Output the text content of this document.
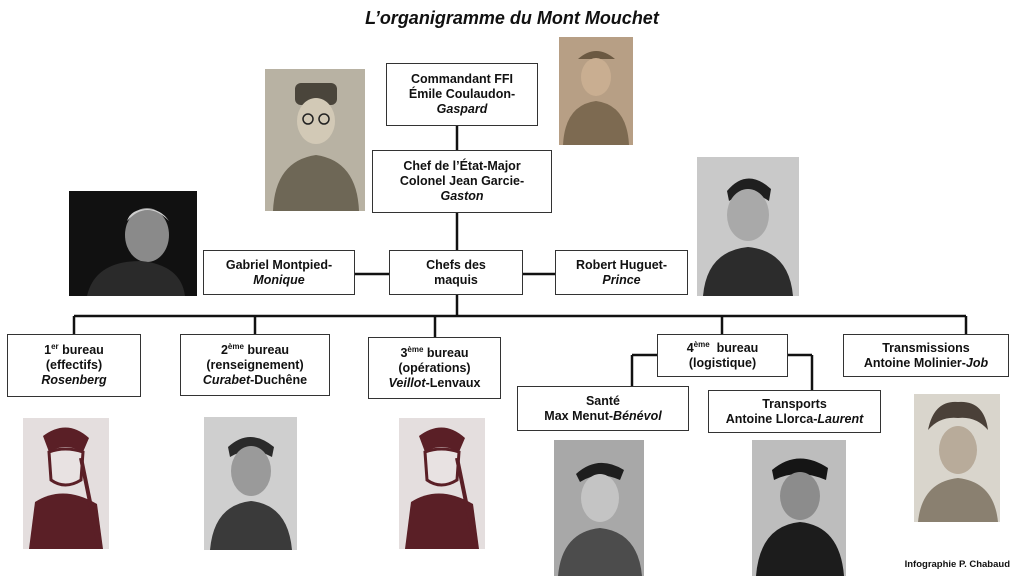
L’organigramme du Mont Mouchet
Commandant FFI
Émile Coulaudon-
Gaspard
Chef de l’État-Major
Colonel Jean Garcie-
Gaston
Chefs des
maquis
Gabriel Montpied-
Monique
Robert Huguet-
Prince
1er bureau
(effectifs)
Rosenberg
2ème bureau
(renseignement)
Curabet-Duchêne
3ème bureau
(opérations)
Veillot-Lenvaux
4ème  bureau
(logistique)
Transmissions
Antoine Molinier-Job
Santé
Max Menut-Bénévol
Transports
Antoine Llorca-Laurent
Infographie P. Chabaud
